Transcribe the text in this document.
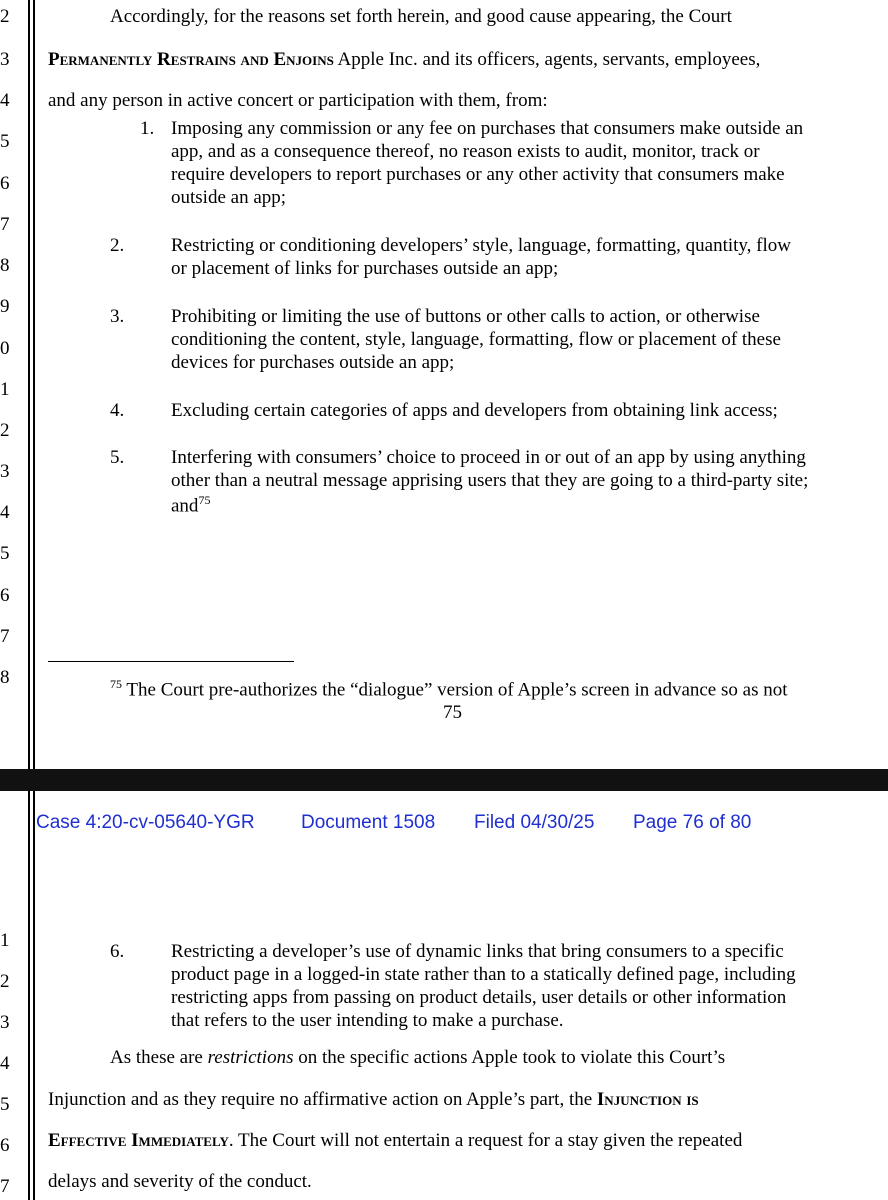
2
3
4
5
6
7
8
9
0
1
2
3
4
5
6
7
8
Accordingly, for the reasons set forth herein, and good cause appearing, the Court
Permanently Restrains and Enjoins Apple Inc. and its officers, agents, servants, employees,
and any person in active concert or participation with them, from:
1. Imposing any commission or any fee on purchases that consumers make outside an
app, and as a consequence thereof, no reason exists to audit, monitor, track or
require developers to report purchases or any other activity that consumers make
outside an app;
2. Restricting or conditioning developers’ style, language, formatting, quantity, flow
or placement of links for purchases outside an app;
3. Prohibiting or limiting the use of buttons or other calls to action, or otherwise
conditioning the content, style, language, formatting, flow or placement of these
devices for purchases outside an app;
4. Excluding certain categories of apps and developers from obtaining link access;
5. Interfering with consumers’ choice to proceed in or out of an app by using anything
other than a neutral message apprising users that they are going to a third-party site;
and$^{75}$
$^{75}$ The Court pre-authorizes the “dialogue” version of Apple’s screen in advance so as not
75
Case 4:20-cv-05640-YGR Document 1508 Filed 04/30/25 Page 76 of 80
1
2
3
4
5
6
7
6. Restricting a developer’s use of dynamic links that bring consumers to a specific
product page in a logged-in state rather than to a statically defined page, including
restricting apps from passing on product details, user details or other information
that refers to the user intending to make a purchase.
As these are restrictions on the specific actions Apple took to violate this Court’s
Injunction and as they require no affirmative action on Apple’s part, the Injunction is
Effective Immediately. The Court will not entertain a request for a stay given the repeated
delays and severity of the conduct.
